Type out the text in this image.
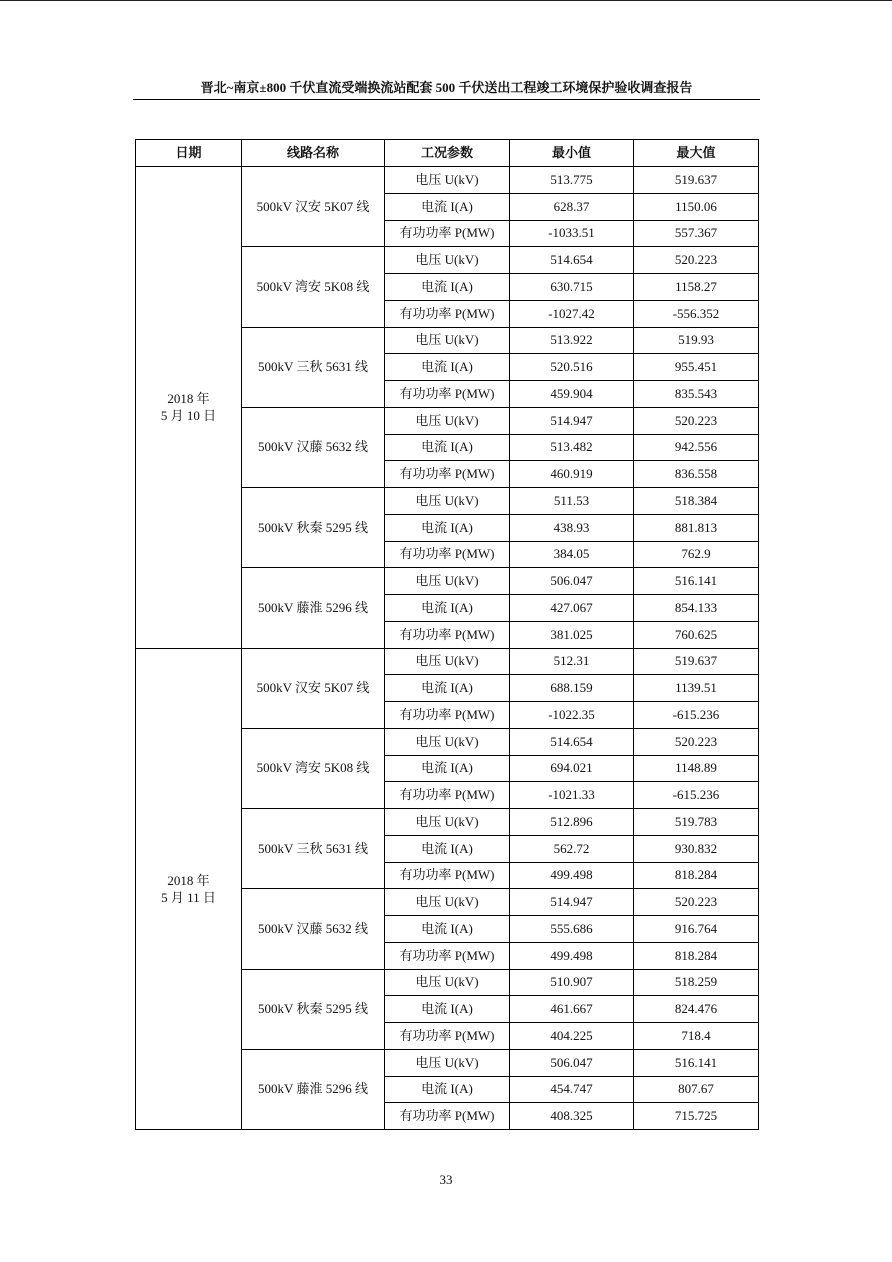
晋北~南京±800 千伏直流受端换流站配套 500 千伏送出工程竣工环境保护验收调查报告
日期	线路名称	工况参数	最小值	最大值

2018 年
5 月 10 日	500kV 汉安 5K07 线	电压 U(kV)	513.775	519.637
		电流 I(A)	628.37	1150.06
		有功功率 P(MW)	-1033.51	557.367
	500kV 湾安 5K08 线	电压 U(kV)	514.654	520.223
		电流 I(A)	630.715	1158.27
		有功功率 P(MW)	-1027.42	-556.352
	500kV 三秋 5631 线	电压 U(kV)	513.922	519.93
		电流 I(A)	520.516	955.451
		有功功率 P(MW)	459.904	835.543
	500kV 汉藤 5632 线	电压 U(kV)	514.947	520.223
		电流 I(A)	513.482	942.556
		有功功率 P(MW)	460.919	836.558
	500kV 秋秦 5295 线	电压 U(kV)	511.53	518.384
		电流 I(A)	438.93	881.813
		有功功率 P(MW)	384.05	762.9
	500kV 藤淮 5296 线	电压 U(kV)	506.047	516.141
		电流 I(A)	427.067	854.133
		有功功率 P(MW)	381.025	760.625

2018 年
5 月 11 日	500kV 汉安 5K07 线	电压 U(kV)	512.31	519.637
		电流 I(A)	688.159	1139.51
		有功功率 P(MW)	-1022.35	-615.236
	500kV 湾安 5K08 线	电压 U(kV)	514.654	520.223
		电流 I(A)	694.021	1148.89
		有功功率 P(MW)	-1021.33	-615.236
	500kV 三秋 5631 线	电压 U(kV)	512.896	519.783
		电流 I(A)	562.72	930.832
		有功功率 P(MW)	499.498	818.284
	500kV 汉藤 5632 线	电压 U(kV)	514.947	520.223
		电流 I(A)	555.686	916.764
		有功功率 P(MW)	499.498	818.284
	500kV 秋秦 5295 线	电压 U(kV)	510.907	518.259
		电流 I(A)	461.667	824.476
		有功功率 P(MW)	404.225	718.4
	500kV 藤淮 5296 线	电压 U(kV)	506.047	516.141
		电流 I(A)	454.747	807.67
		有功功率 P(MW)	408.325	715.725
33
